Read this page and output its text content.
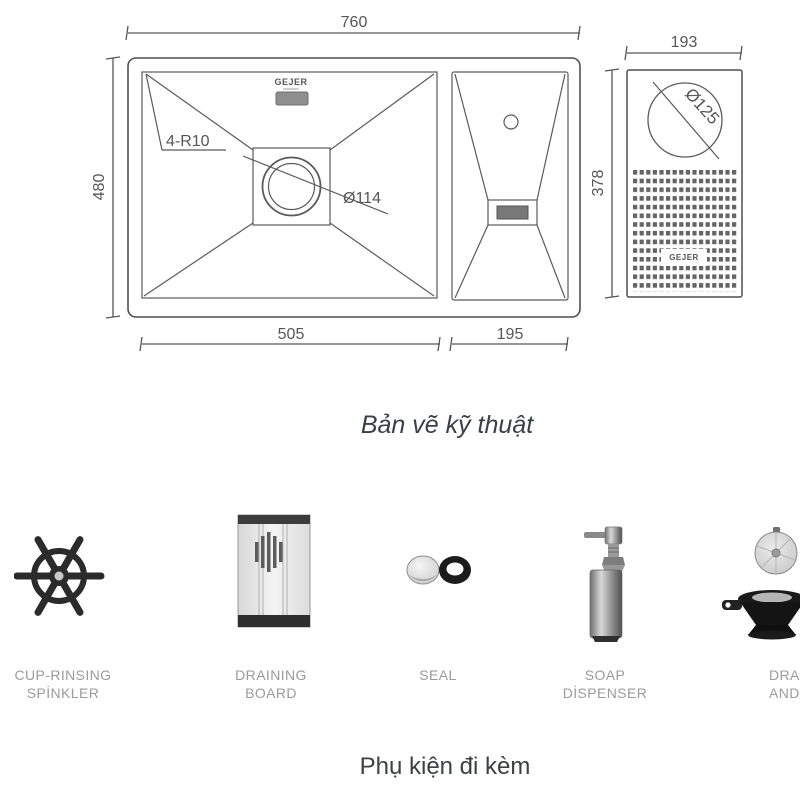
760
480
GEJER
4-R10
Ø114
505	195
193
378
Ø125
GEJER
Bản vẽ kỹ thuật
CUP-RINSING
SPİNKLER
DRAINING
BOARD
SEAL	SOAP
DİSPENSER
DRA
AND
Phụ kiện đi kèm
